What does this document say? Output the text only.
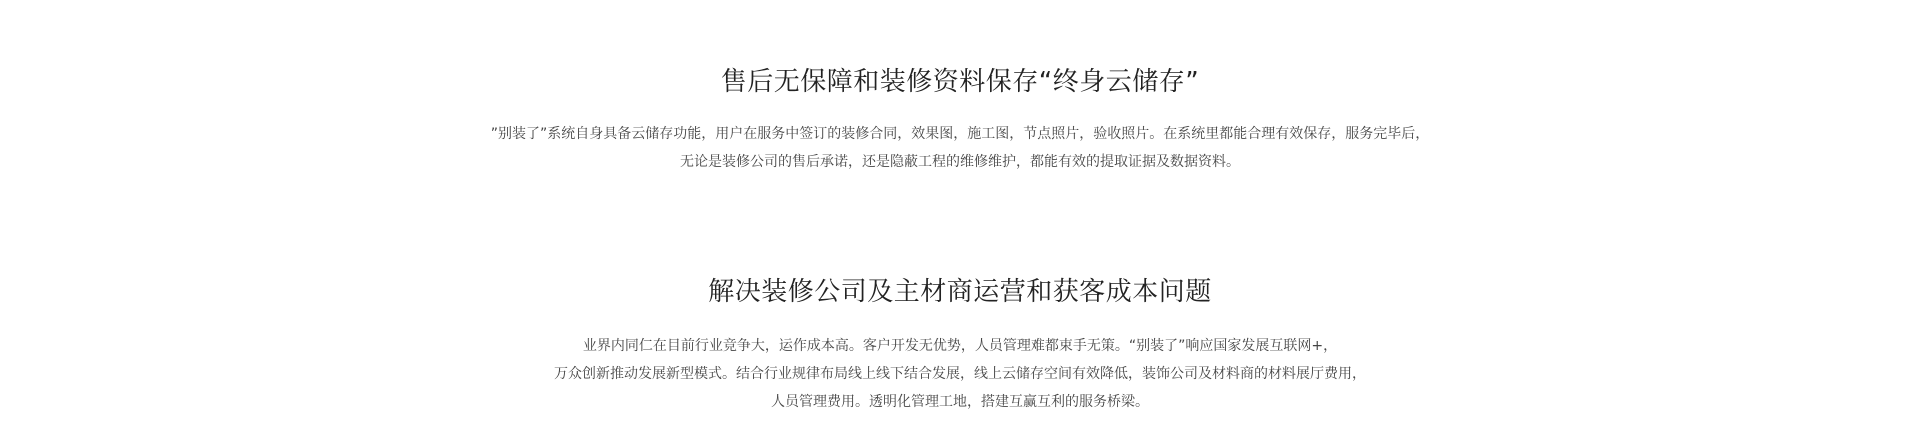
售后无保障和装修资料保存“终身云储存”

”别装了”系统自身具备云储存功能，用户在服务中签订的装修合同，效果图，施工图，节点照片，验收照片。在系统里都能合理有效保存，服务完毕后，
无论是装修公司的售后承诺，还是隐蔽工程的维修维护，都能有效的提取证据及数据资料。

解决装修公司及主材商运营和获客成本问题

业界内同仁在目前行业竞争大，运作成本高。客户开发无优势，人员管理难都束手无策。“别装了”响应国家发展互联网+，
万众创新推动发展新型模式。结合行业规律布局线上线下结合发展，线上云储存空间有效降低，装饰公司及材料商的材料展厅费用，
人员管理费用。透明化管理工地，搭建互赢互利的服务桥梁。
